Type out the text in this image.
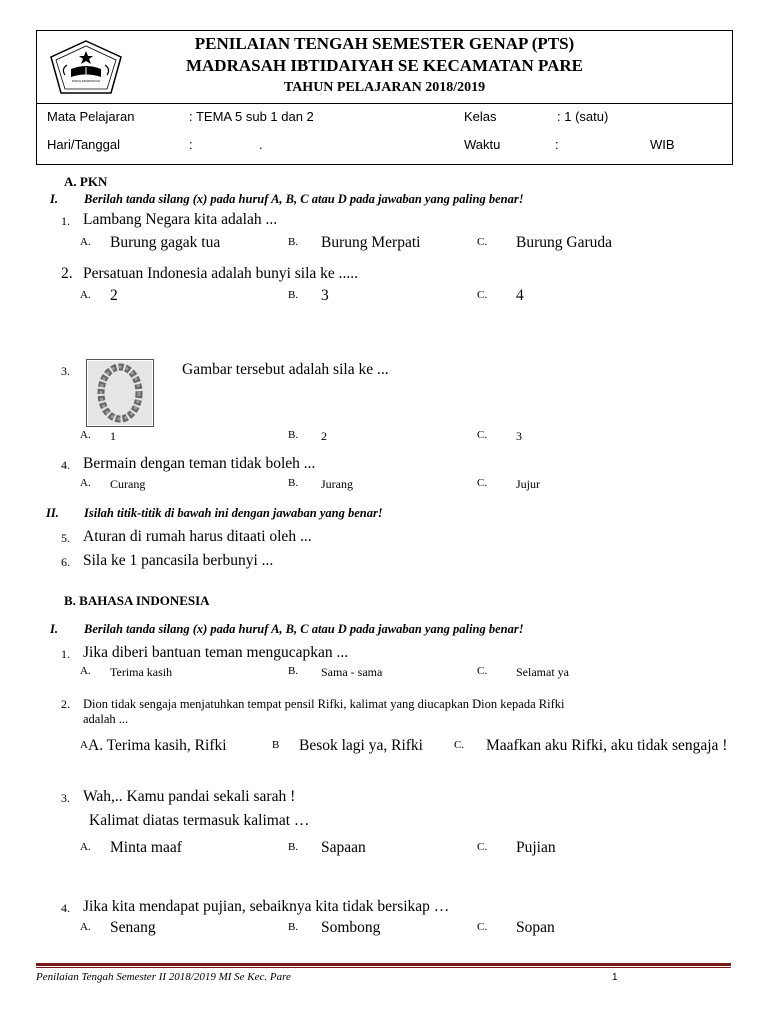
DINAS PENDIDIKAN
PENILAIAN TENGAH SEMESTER GENAP (PTS)
MADRASAH IBTIDAIYAH SE KECAMATAN PARE
TAHUN PELAJARAN 2018/2019
Mata Pelajaran	: TEMA 5 sub 1 dan 2	Kelas	: 1 (satu)
Hari/Tanggal	:	.	Waktu	:	WIB
A. PKN
I. Berilah tanda silang (x) pada huruf A, B, C atau D pada jawaban yang paling benar!
1. Lambang Negara kita adalah ...
A. Burung gagak tua	B. Burung Merpati	C. Burung Garuda
2. Persatuan Indonesia adalah bunyi sila ke .....
A. 2	B. 3	C. 4
3.	Gambar tersebut adalah sila ke ...
A. 1	B. 2	C. 3
4. Bermain dengan teman tidak boleh ...
A. Curang	B. Jurang	C. Jujur
II. Isilah titik-titik di bawah ini dengan jawaban yang benar!
5. Aturan di rumah harus ditaati oleh ...
6. Sila ke 1 pancasila berbunyi ...
B. BAHASA INDONESIA
I. Berilah tanda silang (x) pada huruf A, B, C atau D pada jawaban yang paling benar!
1. Jika diberi bantuan teman mengucapkan ...
A. Terima kasih	B. Sama - sama	C. Selamat ya
2. Dion tidak sengaja menjatuhkan tempat pensil Rifki, kalimat yang diucapkan Dion kepada Rifki
adalah ...
A A. Terima kasih, Rifki	B Besok lagi ya, Rifki	C. Maafkan aku Rifki, aku tidak sengaja !
3. Wah,.. Kamu pandai sekali sarah !
Kalimat diatas termasuk kalimat …
A. Minta maaf	B. Sapaan	C. Pujian
4. Jika kita mendapat pujian, sebaiknya kita tidak bersikap …
A. Senang	B. Sombong	C. Sopan
Penilaian Tengah Semester II 2018/2019 MI Se Kec. Pare	1
